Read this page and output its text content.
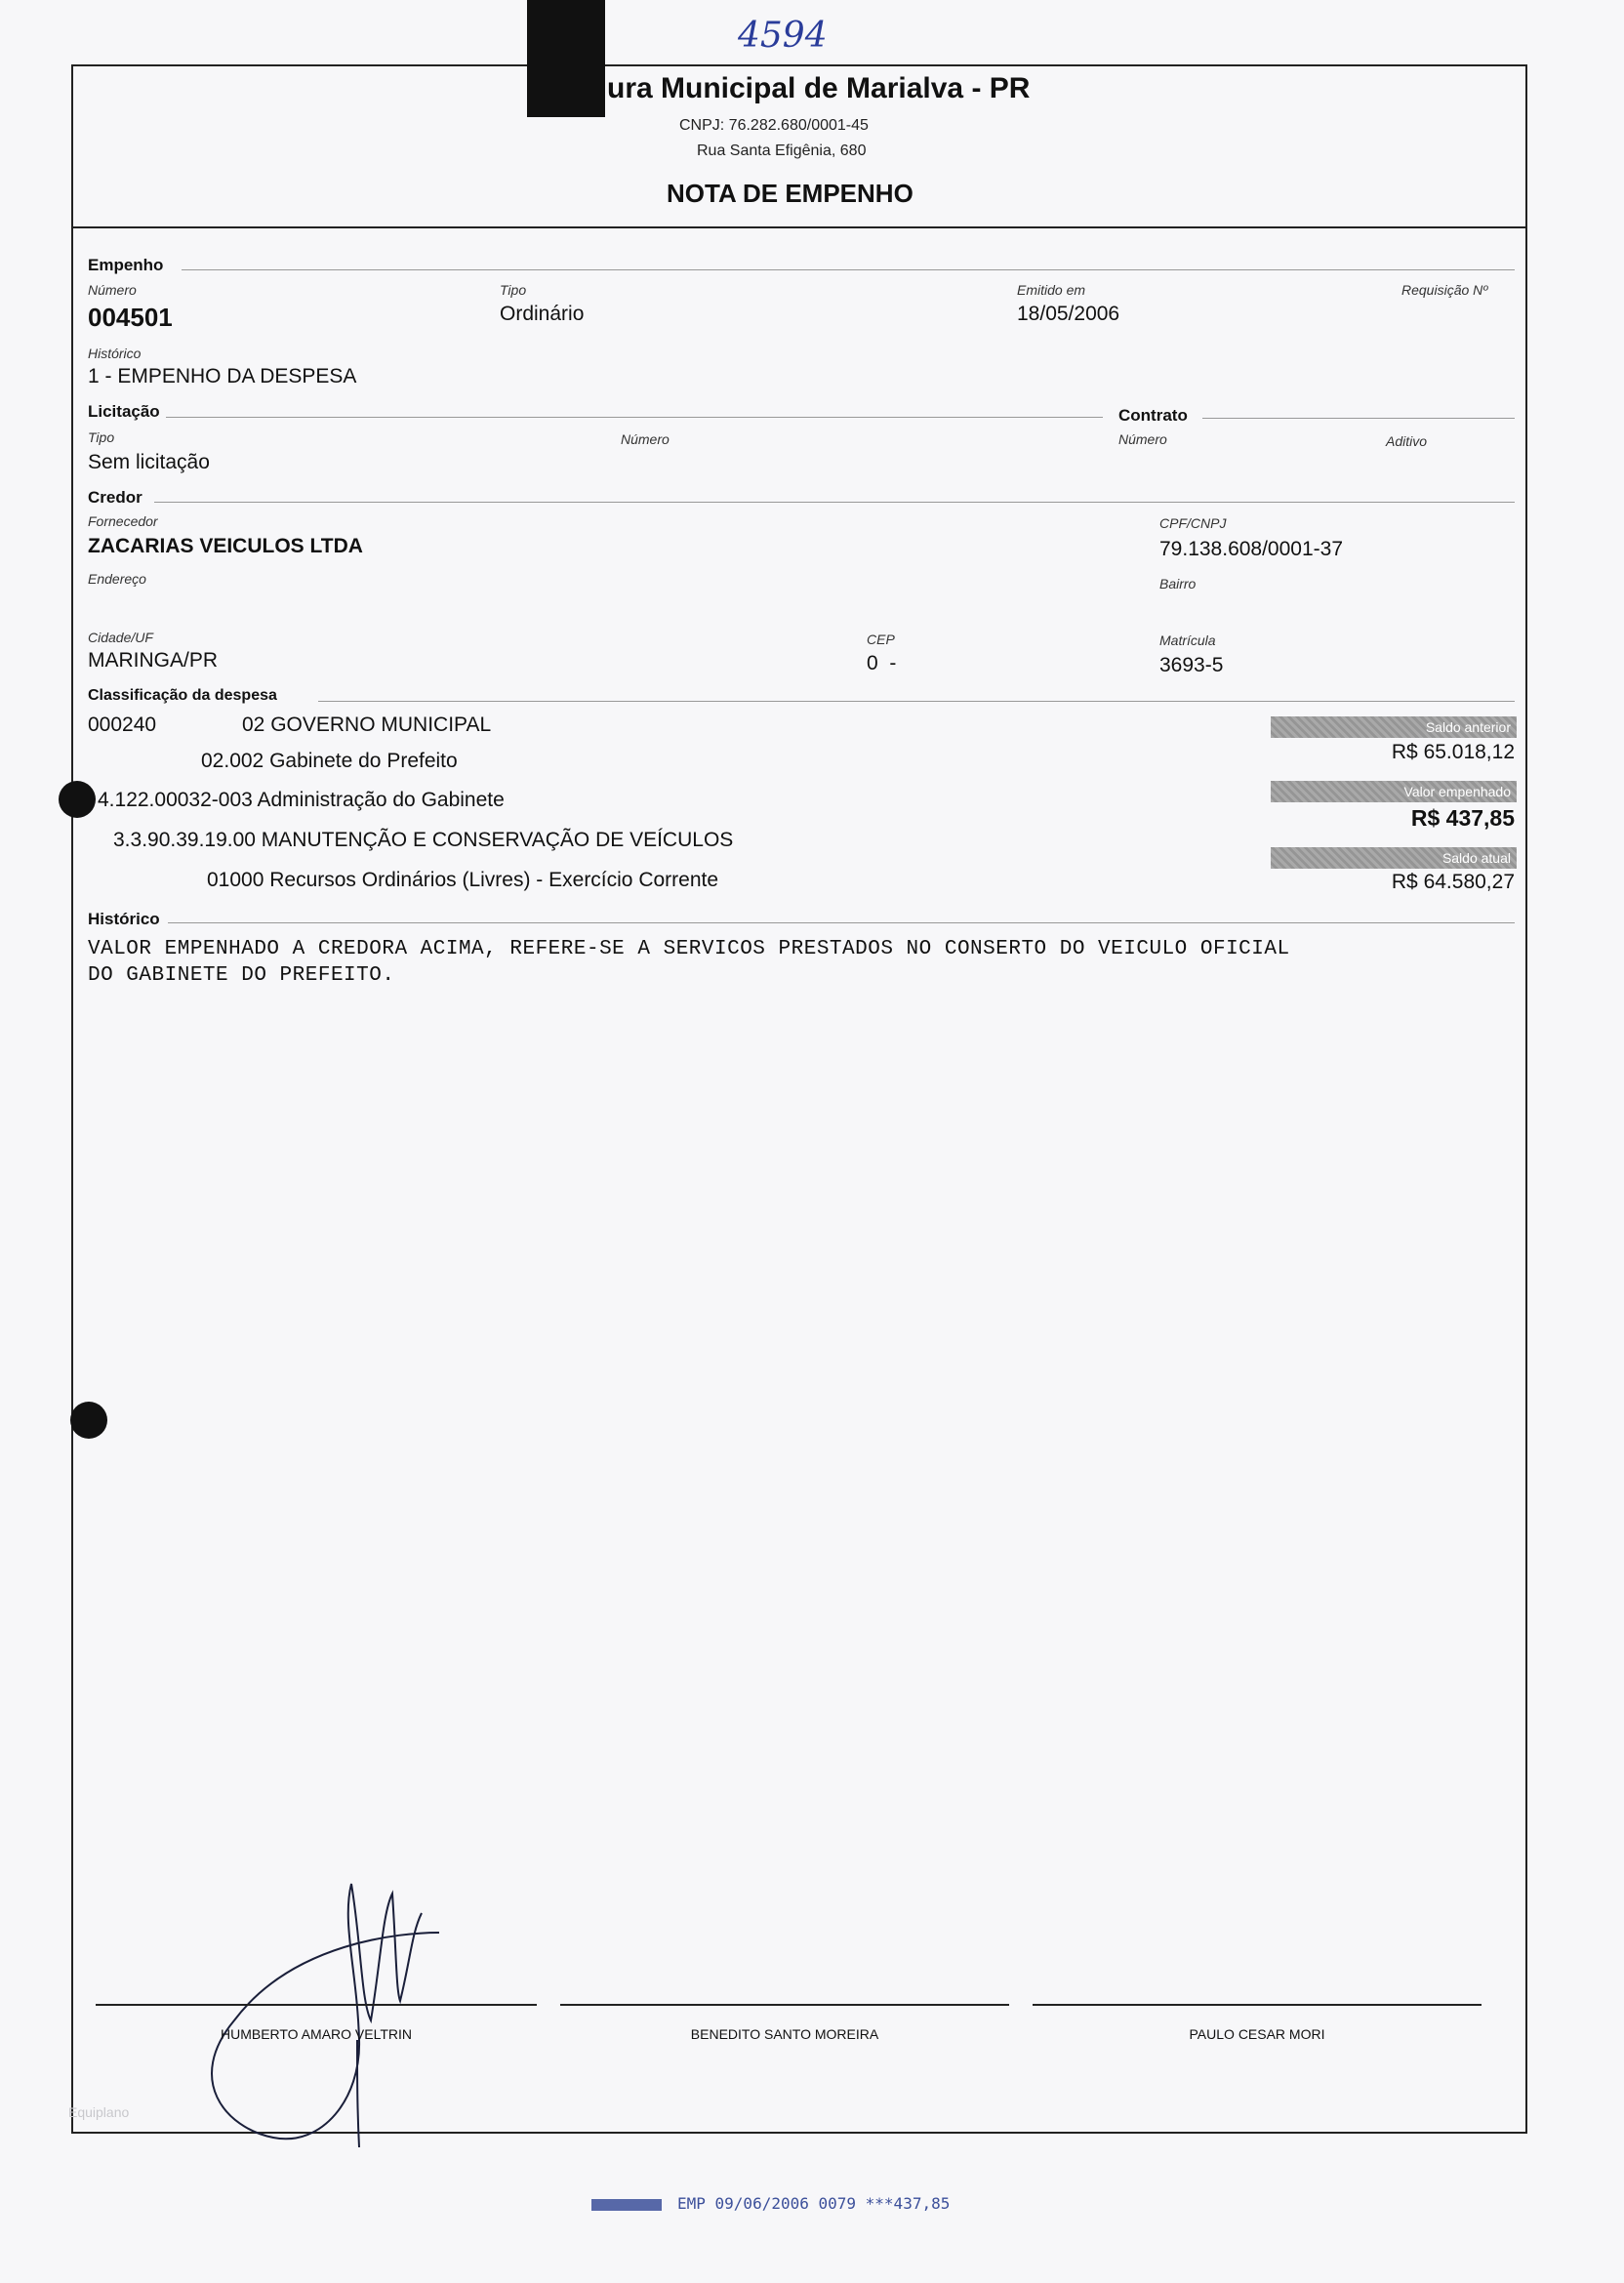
4594
ura Municipal de Marialva - PR
CNPJ: 76.282.680/0001-45
Rua Santa Efigênia, 680
NOTA DE EMPENHO
Empenho
Número
004501
Tipo
Ordinário
Emitido em
18/05/2006
Requisição Nº
Histórico
1 - EMPENHO DA DESPESA
Licitação	Contrato
Tipo	Número	Número	Aditivo
Sem licitação
Credor
Fornecedor	CPF/CNPJ
ZACARIAS VEICULOS LTDA	79.138.608/0001-37
Endereço	Bairro
Cidade/UF	CEP	Matrícula
MARINGA/PR	0  -	3693-5
Classificação da despesa
000240	02 GOVERNO MUNICIPAL
02.002 Gabinete do Prefeito
4.122.00032-003 Administração do Gabinete
3.3.90.39.19.00 MANUTENÇÃO E CONSERVAÇÃO DE VEÍCULOS
01000 Recursos Ordinários (Livres) - Exercício Corrente
Saldo anterior
R$ 65.018,12
Valor empenhado
R$ 437,85
Saldo atual
R$ 64.580,27
Histórico
VALOR EMPENHADO A CREDORA ACIMA, REFERE-SE A SERVICOS PRESTADOS NO CONSERTO DO VEICULO OFICIAL
DO GABINETE DO PREFEITO.
HUMBERTO AMARO VELTRIN	BENEDITO SANTO MOREIRA	PAULO CESAR MORI
Equiplano
EMP 09/06/2006 0079 ***437,85
